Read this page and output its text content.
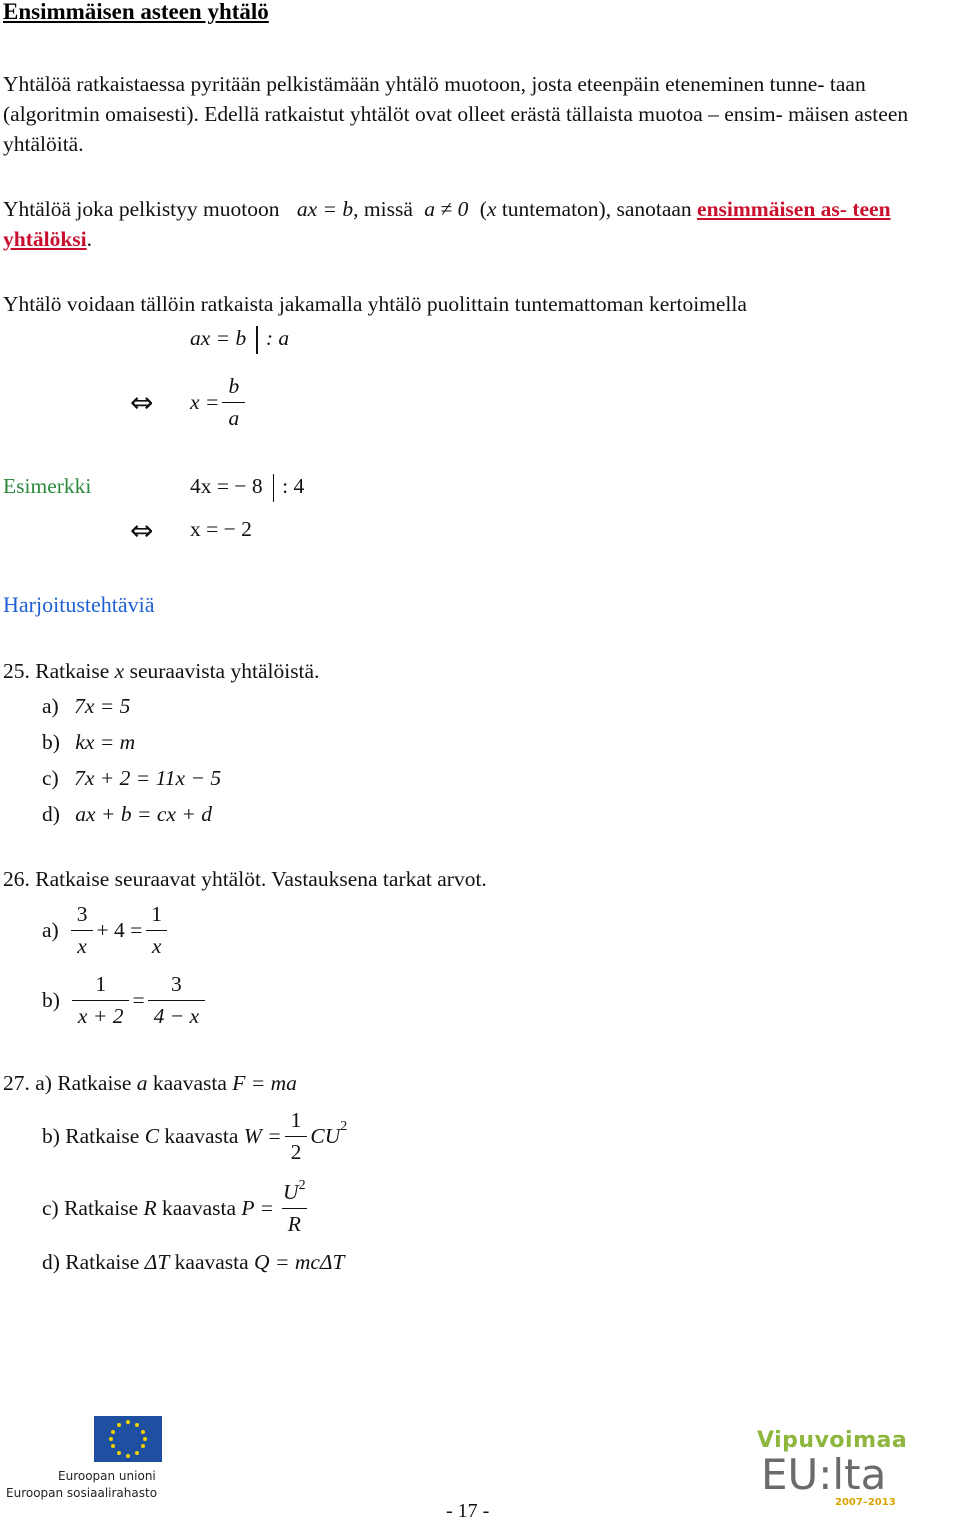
Ensimmäisen asteen yhtälö
Yhtälöä ratkaistaessa pyritään pelkistämään yhtälö muotoon, josta eteenpäin eteneminen tunne- taan (algoritmin omaisesti). Edellä ratkaistut yhtälöt ovat olleet erästä tällaista muotoa – ensim- mäisen asteen yhtälöitä.
Yhtälöä joka pelkistyy muotoon ax = b, missä a ≠ 0 (x tuntematon), sanotaan ensimmäisen as- teen yhtälöksi.
Yhtälö voidaan tällöin ratkaista jakamalla yhtälö puolittain tuntemattoman kertoimella
ax = b : a
⇔ $x = \frac{b}{a}$
Esimerkki	4x = − 8 : 4
⇔ x = − 2
Harjoitustehtäviä
25. Ratkaise x seuraavista yhtälöistä.
a) 7x = 5
b) kx = m
c) 7x + 2 = 11x − 5
d) ax + b = cx + d
26. Ratkaise seuraavat yhtälöt. Vastauksena tarkat arvot.
$a) \frac{3}{x} + 4 = \frac{1}{x}$
$b) \frac{1}{x + 2} = \frac{3}{4 - x}$
27. a) Ratkaise a kaavasta F = ma
b) Ratkaise
C
kaavasta
$W = \frac{1}{2}$ CU 2
c) Ratkaise
R
kaavasta
$P = \frac{U^2}{R}$
d) Ratkaise ΔT kaavasta Q = mcΔT
Euroopan unioni
Euroopan sosiaalirahasto
Vipuvoimaa
EU:lta
2007–2013
- 17 -
